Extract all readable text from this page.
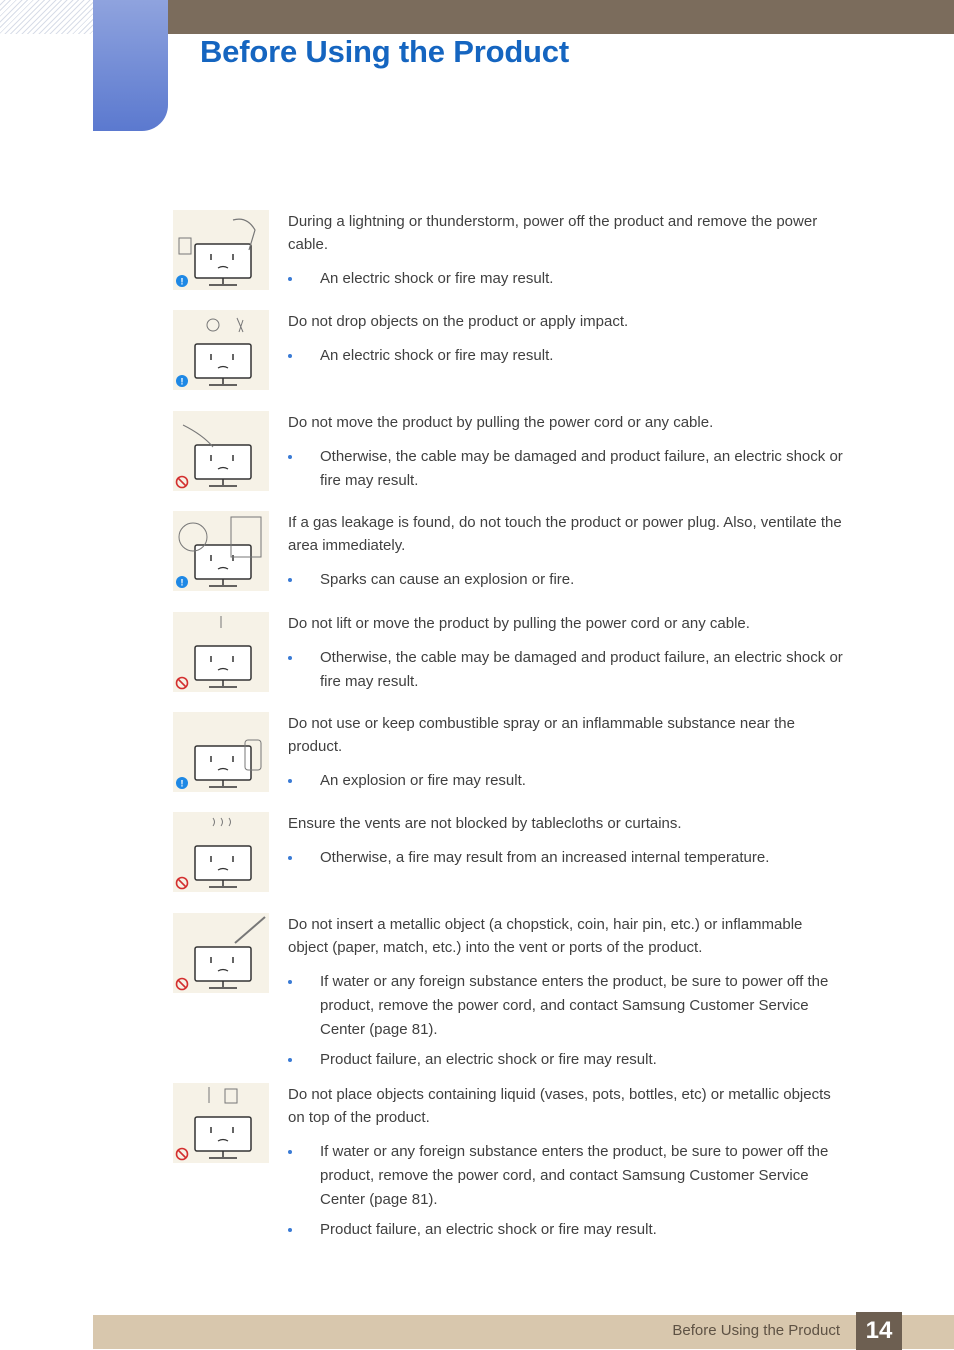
Before Using the Product
!

During a lightning or thunderstorm, power off the product and remove the power cable.

An electric shock or fire may result.
!

Do not drop objects on the product or apply impact.

An electric shock or fire may result.

Do not move the product by pulling the power cord or any cable.

Otherwise, the cable may be damaged and product failure, an electric shock or fire may result.
!

If a gas leakage is found, do not touch the product or power plug. Also, ventilate the area immediately.

Sparks can cause an explosion or fire.

Do not lift or move the product by pulling the power cord or any cable.

Otherwise, the cable may be damaged and product failure, an electric shock or fire may result.
!

Do not use or keep combustible spray or an inflammable substance near the product.

An explosion or fire may result.

Ensure the vents are not blocked by tablecloths or curtains.

Otherwise, a fire may result from an increased internal temperature.

Do not insert a metallic object (a chopstick, coin, hair pin, etc.) or inflammable object (paper, match, etc.) into the vent or ports of the product.

If water or any foreign substance enters the product, be sure to power off the product, remove the power cord, and contact Samsung Customer Service Center (page 81).
Product failure, an electric shock or fire may result.

Do not place objects containing liquid (vases, pots, bottles, etc) or metallic objects on top of the product.

If water or any foreign substance enters the product, be sure to power off the product, remove the power cord, and contact Samsung Customer Service Center (page 81).
Product failure, an electric shock or fire may result.
Before Using the Product	14
